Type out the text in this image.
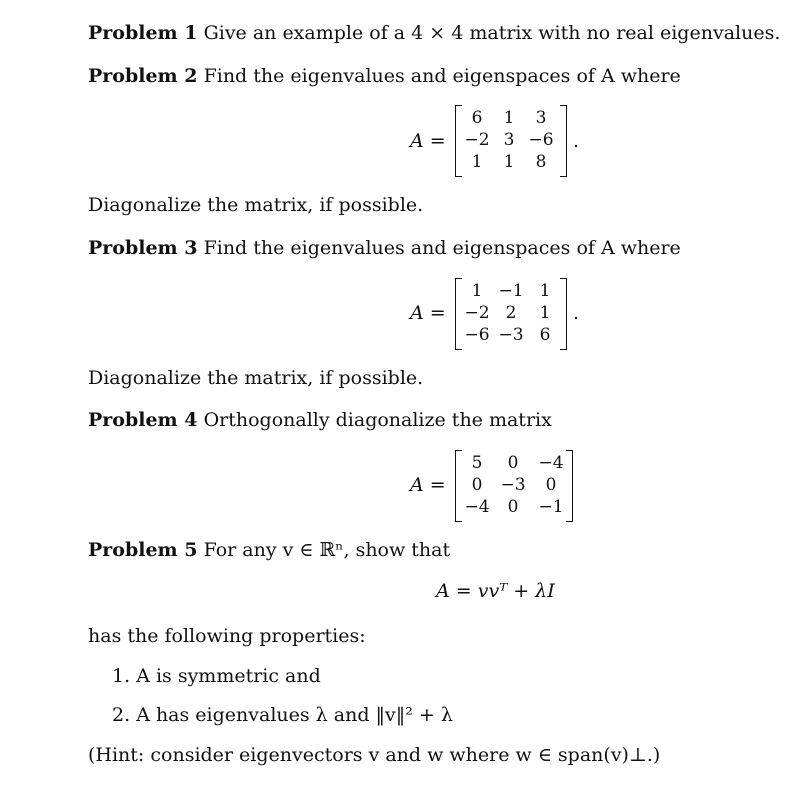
Problem 1 Give an example of a 4 × 4 matrix with no real eigenvalues.
Problem 2 Find the eigenvalues and eigenspaces of A where
A =
6	1	3
−2 3 −6
1	1	8
.
Diagonalize the matrix, if possible.
Problem 3 Find the eigenvalues and eigenspaces of A where
A =
1 −1 1
−2 2	1
−6 −3 6
.
Diagonalize the matrix, if possible.
Problem 4 Orthogonally diagonalize the matrix
A =
5	0	−4
0	−3	0
−4	0	−1
Problem 5 For any v ∈ ℝⁿ, show that
A = vvᵀ + λI
has the following properties:
1. A is symmetric and
2. A has eigenvalues λ and ‖v‖² + λ
(Hint: consider eigenvectors v and w where w ∈ span(v)⊥.)
